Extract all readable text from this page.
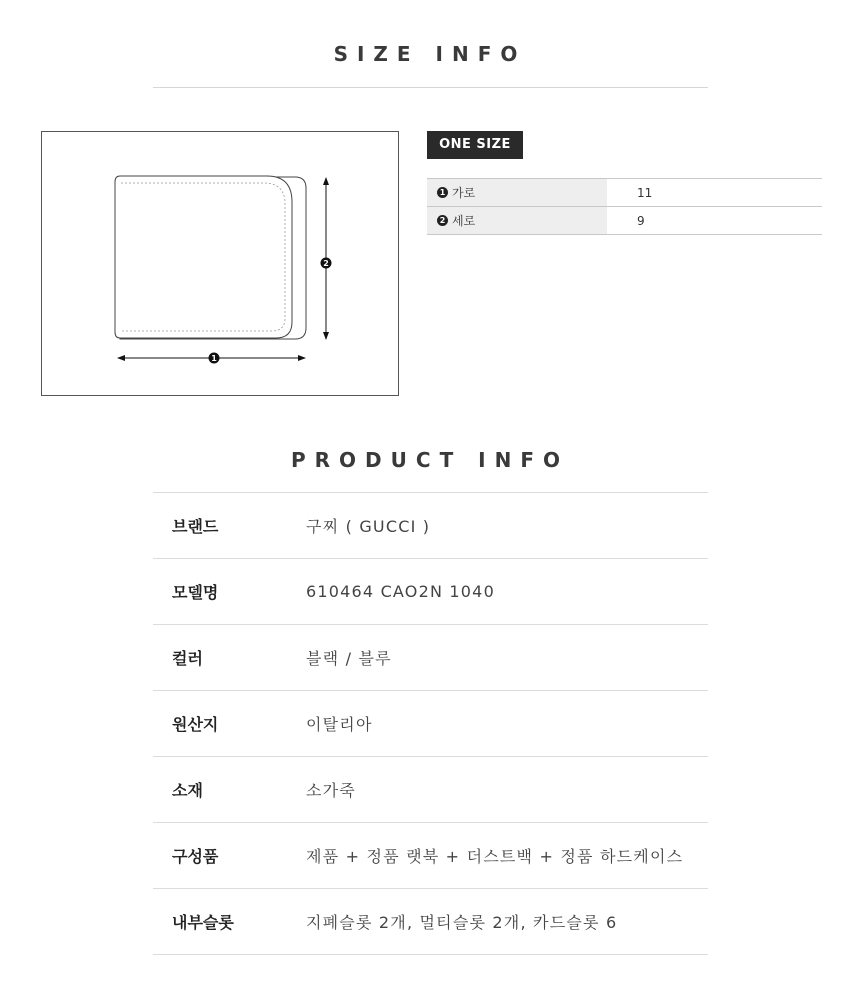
SIZE INFO
1
2
ONE SIZE
1 가로	11
2 세로	9
PRODUCT INFO
브랜드	구찌 ( GUCCI )
모델명	610464 CAO2N 1040
컬러	블랙 / 블루
원산지	이탈리아
소재	소가죽
구성품	제품 + 정품 랫북 + 더스트백 + 정품 하드케이스
내부슬롯	지폐슬롯 2개, 멀티슬롯 2개, 카드슬롯 6
